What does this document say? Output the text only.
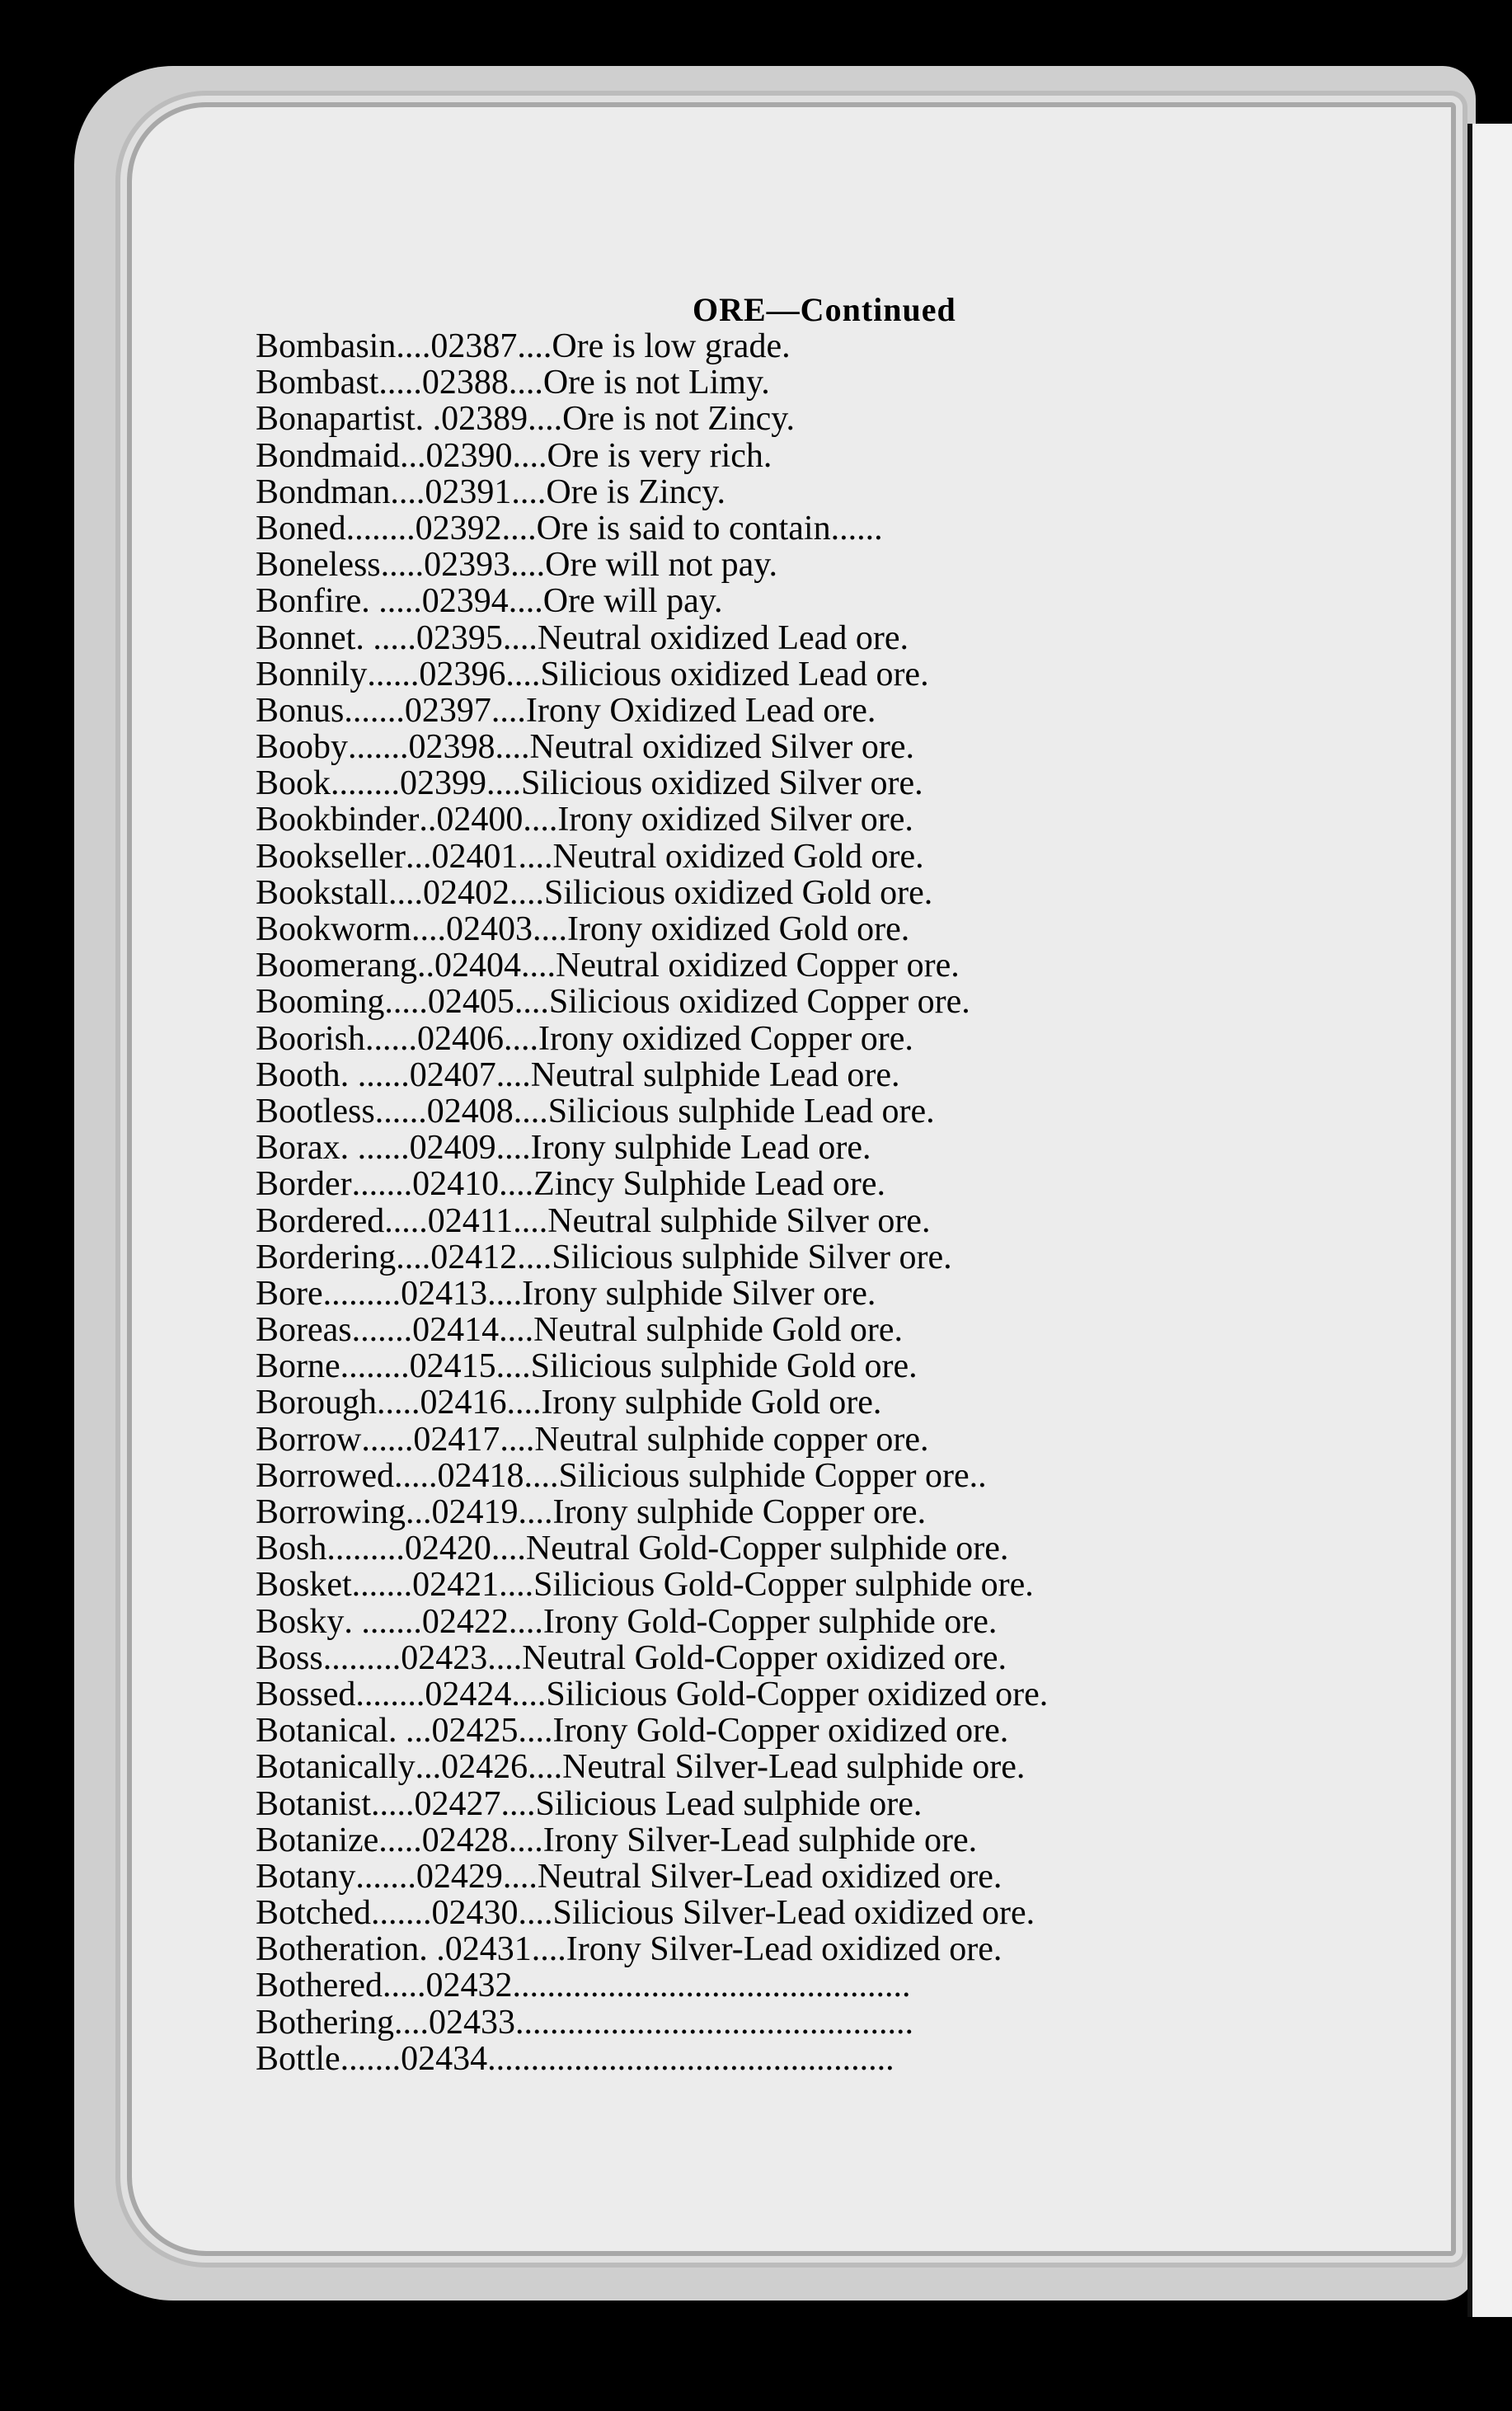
ORE—Continued
Bombasin .... 02387 .... Ore is low grade.
Bombast ..... 02388 .... Ore is not Limy.
Bonapartist . . 02389 .... Ore is not Zincy.
Bondmaid ... 02390 .... Ore is very rich.
Bondman .... 02391 .... Ore is Zincy.
Boned ........ 02392 .... Ore is said to contain......
Boneless ..... 02393 .... Ore will not pay.
Bonfire . ..... 02394 .... Ore will pay.
Bonnet . ..... 02395 .... Neutral oxidized Lead ore.
Bonnily ...... 02396 .... Silicious oxidized Lead ore.
Bonus ....... 02397 .... Irony Oxidized Lead ore.
Booby ....... 02398 .... Neutral oxidized Silver ore.
Book ........ 02399 .... Silicious oxidized Silver ore.
Bookbinder .. 02400 .... Irony oxidized Silver ore.
Bookseller ... 02401 .... Neutral oxidized Gold ore.
Bookstall .... 02402 .... Silicious oxidized Gold ore.
Bookworm .... 02403 .... Irony oxidized Gold ore.
Boomerang .. 02404 .... Neutral oxidized Copper ore.
Booming ..... 02405 .... Silicious oxidized Copper ore.
Boorish ...... 02406 .... Irony oxidized Copper ore.
Booth . ...... 02407 .... Neutral sulphide Lead ore.
Bootless ...... 02408 .... Silicious sulphide Lead ore.
Borax . ...... 02409 .... Irony sulphide Lead ore.
Border ....... 02410 .... Zincy Sulphide Lead ore.
Bordered ..... 02411 .... Neutral sulphide Silver ore.
Bordering .... 02412 .... Silicious sulphide Silver ore.
Bore ......... 02413 .... Irony sulphide Silver ore.
Boreas ....... 02414 .... Neutral sulphide Gold ore.
Borne ........ 02415 .... Silicious sulphide Gold ore.
Borough ..... 02416 .... Irony sulphide Gold ore.
Borrow ...... 02417 .... Neutral sulphide copper ore.
Borrowed ..... 02418 .... Silicious sulphide Copper ore..
Borrowing ... 02419 .... Irony sulphide Copper ore.
Bosh ......... 02420 .... Neutral Gold-Copper sulphide ore.
Bosket ....... 02421 .... Silicious Gold-Copper sulphide ore.
Bosky . ....... 02422 .... Irony Gold-Copper sulphide ore.
Boss ......... 02423 .... Neutral Gold-Copper oxidized ore.
Bossed ........ 02424 .... Silicious Gold-Copper oxidized ore.
Botanical . ... 02425 .... Irony Gold-Copper oxidized ore.
Botanically ... 02426 .... Neutral Silver-Lead sulphide ore.
Botanist ..... 02427 .... Silicious Lead sulphide ore.
Botanize ..... 02428 .... Irony Silver-Lead sulphide ore.
Botany ....... 02429 .... Neutral Silver-Lead oxidized ore.
Botched ....... 02430 .... Silicious Silver-Lead oxidized ore.
Botheration . . 02431 .... Irony Silver-Lead oxidized ore.
Bothered ..... 02432 ..............................................
Bothering .... 02433 ..............................................
Bottle ....... 02434 ...............................................
54
